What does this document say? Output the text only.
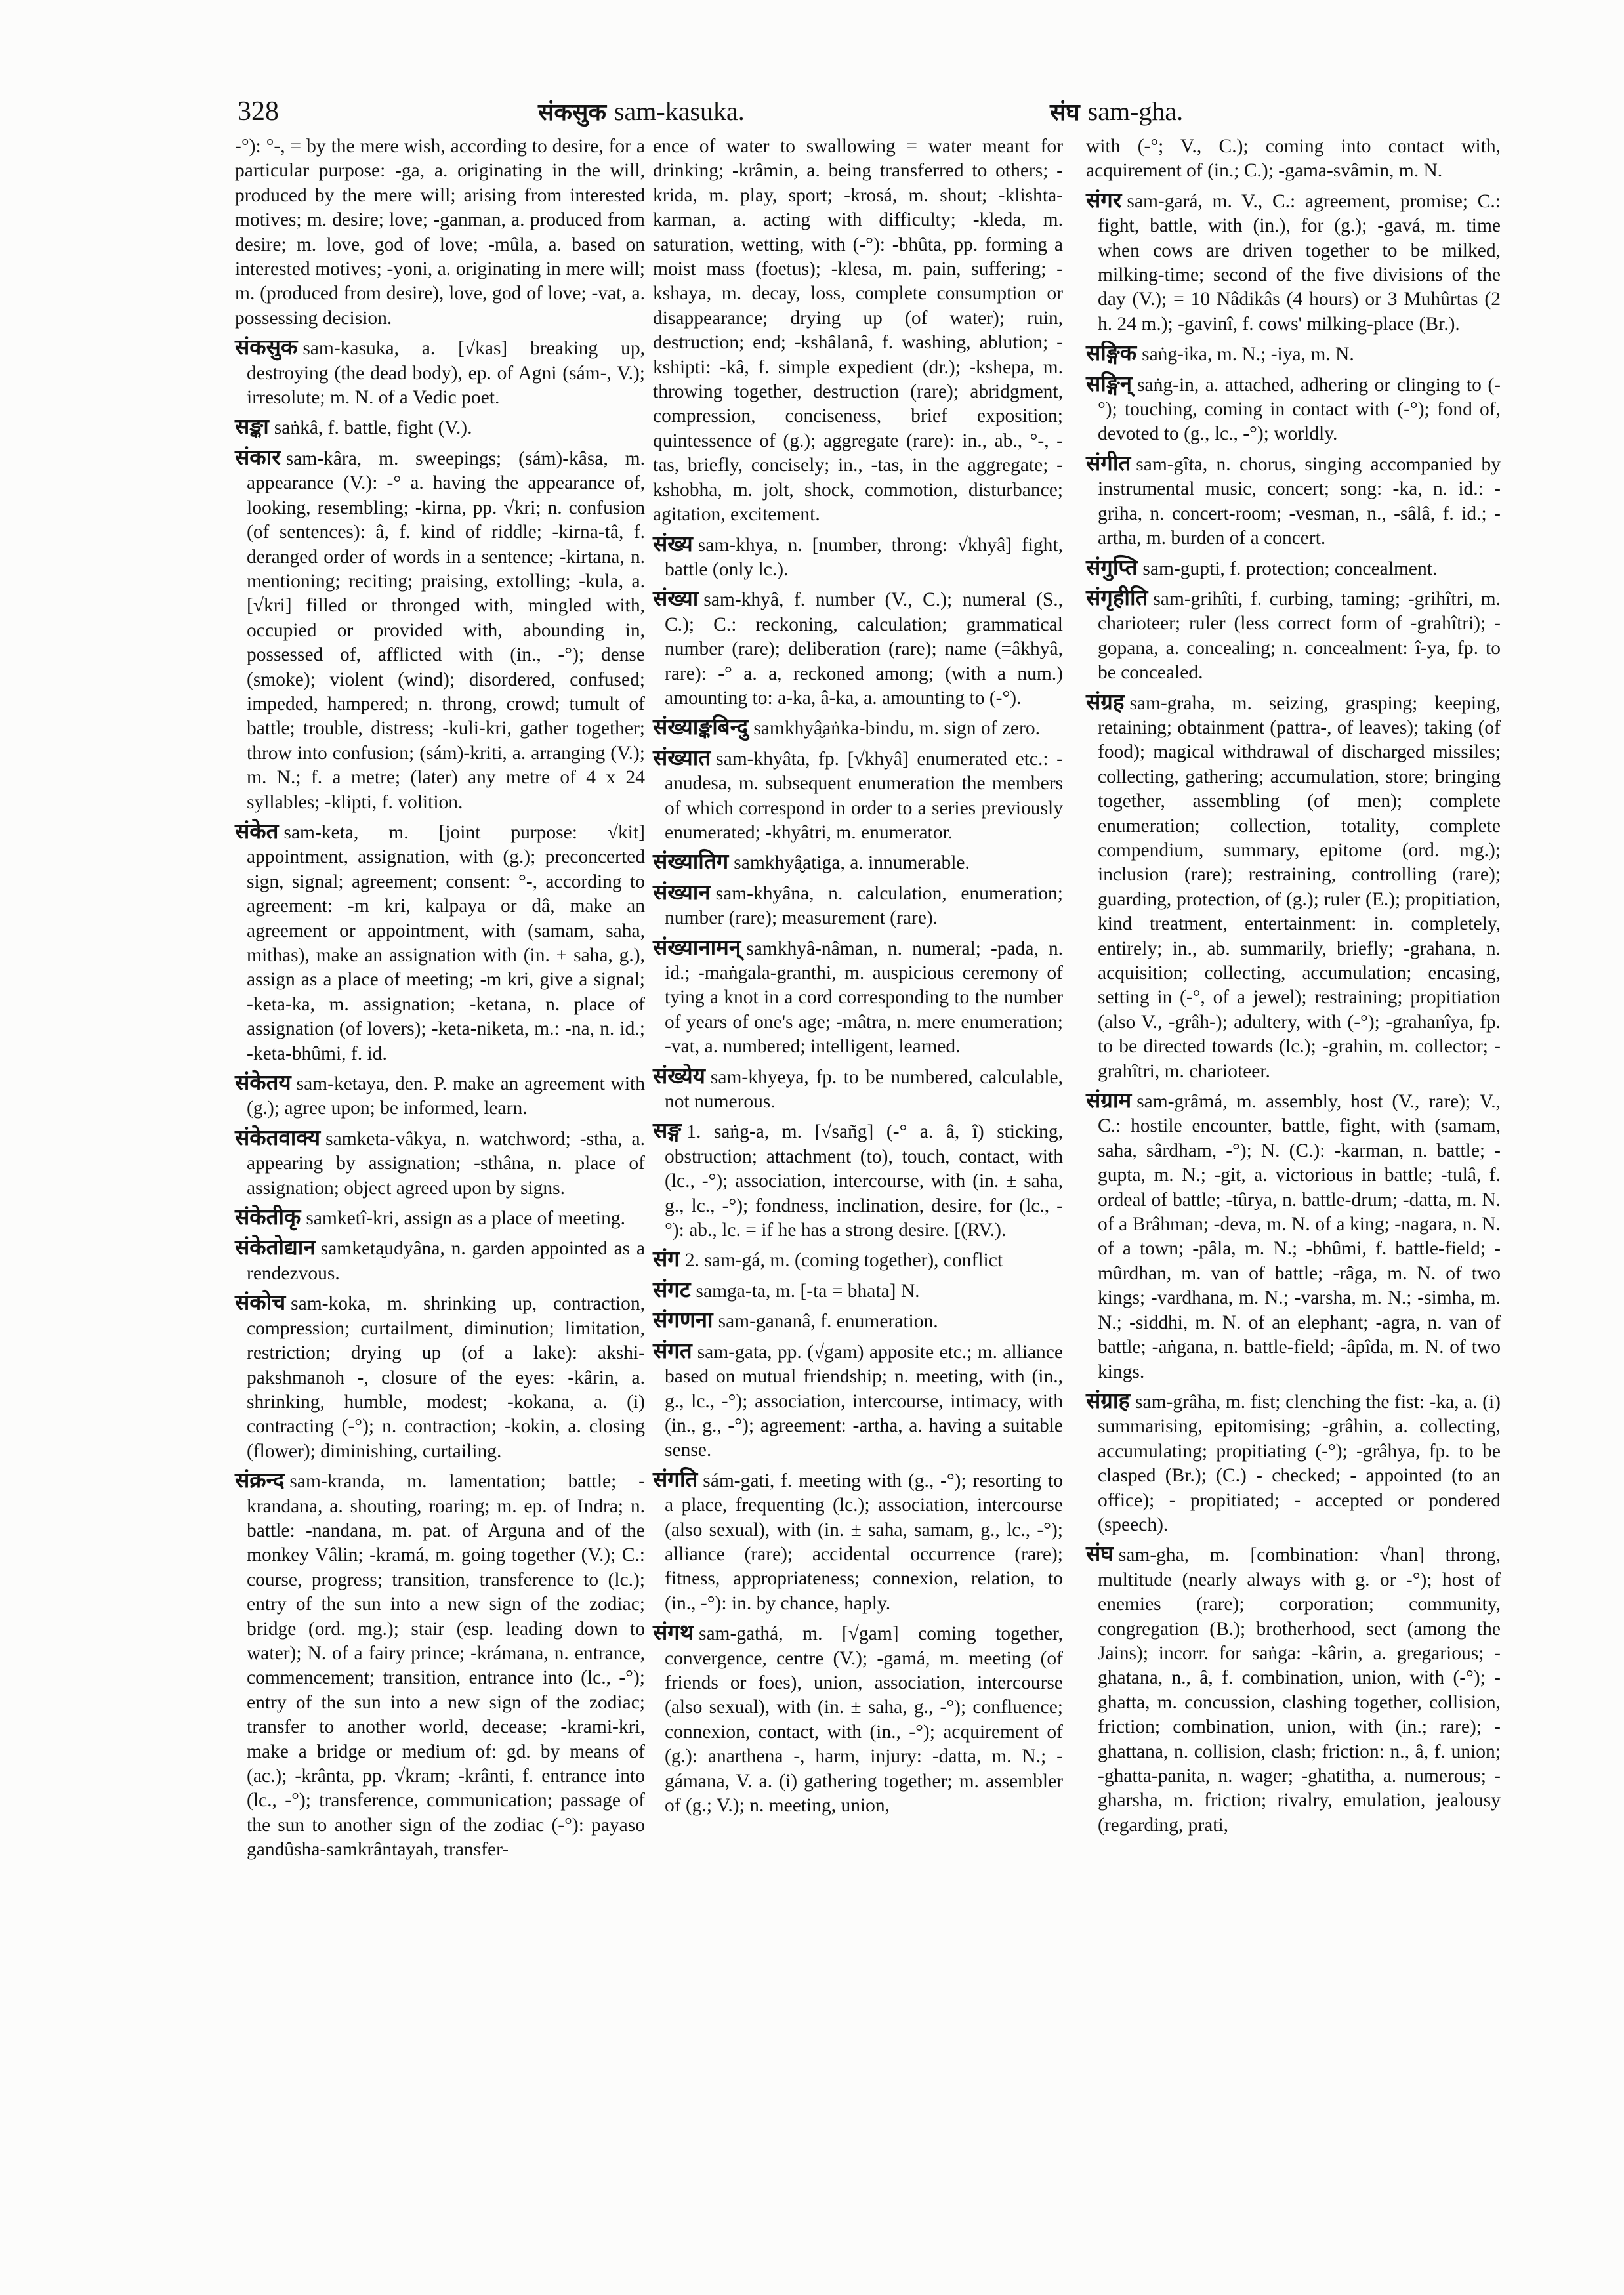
328	संकसुक sam-kasuka.	संघ sam-gha.
-°): °-, = by the mere wish, according to desire, for a particular purpose: -ga, a. originating in the will, produced by the mere will; arising from interested motives; m. desire; love; -ganman, a. produced from desire; m. love, god of love; -mûla, a. based on interested motives; -yoni, a. originating in mere will; m. (produced from desire), love, god of love; -vat, a. possessing decision.
संकसुक sam-kasuka, a. [√kas] breaking up, destroying (the dead body), ep. of Agni (sám-, V.); irresolute; m. N. of a Vedic poet.
सङ्का saṅkâ, f. battle, fight (V.).
संकार sam-kâra, m. sweepings; (sám)-kâsa, m. appearance (V.): -° a. having the appearance of, looking, resembling; -kirna, pp. √kri; n. confusion (of sentences): â, f. kind of riddle; -kirna-tâ, f. deranged order of words in a sentence; -kirtana, n. mentioning; reciting; praising, extolling; -kula, a. [√kri] filled or thronged with, mingled with, occupied or provided with, abounding in, possessed of, afflicted with (in., -°); dense (smoke); violent (wind); disordered, confused; impeded, hampered; n. throng, crowd; tumult of battle; trouble, distress; -kuli-kri, gather together; throw into confusion; (sám)-kriti, a. arranging (V.); m. N.; f. a metre; (later) any metre of 4 x 24 syllables; -klipti, f. volition.
संकेत sam-keta, m. [joint purpose: √kit] appointment, assignation, with (g.); preconcerted sign, signal; agreement; consent: °-, according to agreement: -m kri, kalpaya or dâ, make an agreement or appointment, with (samam, saha, mithas), make an assignation with (in. + saha, g.), assign as a place of meeting; -m kri, give a signal; -keta-ka, m. assignation; -ketana, n. place of assignation (of lovers); -keta-niketa, m.: -na, n. id.; -keta-bhûmi, f. id.
संकेतय sam-ketaya, den. P. make an agreement with (g.); agree upon; be informed, learn.
संकेतवाक्य samketa-vâkya, n. watchword; -stha, a. appearing by assignation; -sthâna, n. place of assignation; object agreed upon by signs.
संकेतीकृ samketî-kri, assign as a place of meeting.
संकेतोद्यान samketa̮udyâna, n. garden appointed as a rendezvous.
संकोच sam-koka, m. shrinking up, contraction, compression; curtailment, diminution; limitation, restriction; drying up (of a lake): akshi-pakshmanoh -, closure of the eyes: -kârin, a. shrinking, humble, modest; -kokana, a. (i) contracting (-°); n. contraction; -kokin, a. closing (flower); diminishing, curtailing.
संक्रन्द sam-kranda, m. lamentation; battle; -krandana, a. shouting, roaring; m. ep. of Indra; n. battle: -nandana, m. pat. of Arguna and of the monkey Vâlin; -kramá, m. going together (V.); C.: course, progress; transition, transference to (lc.); entry of the sun into a new sign of the zodiac; bridge (ord. mg.); stair (esp. leading down to water); N. of a fairy prince; -krámana, n. entrance, commencement; transition, entrance into (lc., -°); entry of the sun into a new sign of the zodiac; transfer to another world, decease; -krami-kri, make a bridge or medium of: gd. by means of (ac.); -krânta, pp. √kram; -krânti, f. entrance into (lc., -°); transference, communication; passage of the sun to another sign of the zodiac (-°): payaso gandûsha-samkrântayah, transfer-
ence of water to swallowing = water meant for drinking; -krâmin, a. being transferred to others; -krida, m. play, sport; -krosá, m. shout; -klishta-karman, a. acting with difficulty; -kleda, m. saturation, wetting, with (-°): -bhûta, pp. forming a moist mass (foetus); -klesa, m. pain, suffering; -kshaya, m. decay, loss, complete consumption or disappearance; drying up (of water); ruin, destruction; end; -kshâlanâ, f. washing, ablution; -kshipti: -kâ, f. simple expedient (dr.); -kshepa, m. throwing together, destruction (rare); abridgment, compression, conciseness, brief exposition; quintessence of (g.); aggregate (rare): in., ab., °-, -tas, briefly, concisely; in., -tas, in the aggregate; -kshobha, m. jolt, shock, commotion, disturbance; agitation, excitement.
संख्य sam-khya, n. [number, throng: √khyâ] fight, battle (only lc.).
संख्या sam-khyâ, f. number (V., C.); numeral (S., C.); C.: reckoning, calculation; grammatical number (rare); deliberation (rare); name (=âkhyâ, rare): -° a. a, reckoned among; (with a num.) amounting to: a-ka, â-ka, a. amounting to (-°).
संख्याङ्कबिन्दु samkhyâ̮aṅka-bindu, m. sign of zero.
संख्यात sam-khyâta, fp. [√khyâ] enumerated etc.: -anudesa, m. subsequent enumeration the members of which correspond in order to a series previously enumerated; -khyâtri, m. enumerator.
संख्यातिग samkhyâ̮atiga, a. innumerable.
संख्यान sam-khyâna, n. calculation, enumeration; number (rare); measurement (rare).
संख्यानामन् samkhyâ-nâman, n. numeral; -pada, n. id.; -maṅgala-granthi, m. auspicious ceremony of tying a knot in a cord corresponding to the number of years of one's age; -mâtra, n. mere enumeration; -vat, a. numbered; intelligent, learned.
संख्येय sam-khyeya, fp. to be numbered, calculable, not numerous.
सङ्ग 1. saṅg-a, m. [√sañg] (-° a. â, î) sticking, obstruction; attachment (to), touch, contact, with (lc., -°); association, intercourse, with (in. ± saha, g., lc., -°); fondness, inclination, desire, for (lc., -°): ab., lc. = if he has a strong desire. [(RV.).
संग 2. sam-gá, m. (coming together), conflict
संगट samga-ta, m. [-ta = bhata] N.
संगणना sam-gananâ, f. enumeration.
संगत sam-gata, pp. (√gam) apposite etc.; m. alliance based on mutual friendship; n. meeting, with (in., g., lc., -°); association, intercourse, intimacy, with (in., g., -°); agreement: -artha, a. having a suitable sense.
संगति sám-gati, f. meeting with (g., -°); resorting to a place, frequenting (lc.); association, intercourse (also sexual), with (in. ± saha, samam, g., lc., -°); alliance (rare); accidental occurrence (rare); fitness, appropriateness; connexion, relation, to (in., -°): in. by chance, haply.
संगथ sam-gathá, m. [√gam] coming together, convergence, centre (V.); -gamá, m. meeting (of friends or foes), union, association, intercourse (also sexual), with (in. ± saha, g., -°); confluence; connexion, contact, with (in., -°); acquirement of (g.): anarthena -, harm, injury: -datta, m. N.; -gámana, V. a. (i) gathering together; m. assembler of (g.; V.); n. meeting, union,
with (-°; V., C.); coming into contact with, acquirement of (in.; C.); -gama-svâmin, m. N.
संगर sam-gará, m. V., C.: agreement, promise; C.: fight, battle, with (in.), for (g.); -gavá, m. time when cows are driven together to be milked, milking-time; second of the five divisions of the day (V.); = 10 Nâdikâs (4 hours) or 3 Muhûrtas (2 h. 24 m.); -gavinî, f. cows' milking-place (Br.).
सङ्गिक saṅg-ika, m. N.; -iya, m. N.
सङ्गिन् saṅg-in, a. attached, adhering or clinging to (-°); touching, coming in contact with (-°); fond of, devoted to (g., lc., -°); worldly.
संगीत sam-gîta, n. chorus, singing accompanied by instrumental music, concert; song: -ka, n. id.: -griha, n. concert-room; -vesman, n., -sâlâ, f. id.; -artha, m. burden of a concert.
संगुप्ति sam-gupti, f. protection; concealment.
संगृहीति sam-grihîti, f. curbing, taming; -grihîtri, m. charioteer; ruler (less correct form of -grahîtri); -gopana, a. concealing; n. concealment: î-ya, fp. to be concealed.
संग्रह sam-graha, m. seizing, grasping; keeping, retaining; obtainment (pattra-, of leaves); taking (of food); magical withdrawal of discharged missiles; collecting, gathering; accumulation, store; bringing together, assembling (of men); complete enumeration; collection, totality, complete compendium, summary, epitome (ord. mg.); inclusion (rare); restraining, controlling (rare); guarding, protection, of (g.); ruler (E.); propitiation, kind treatment, entertainment: in. completely, entirely; in., ab. summarily, briefly; -grahana, n. acquisition; collecting, accumulation; encasing, setting in (-°, of a jewel); restraining; propitiation (also V., -grâh-); adultery, with (-°); -grahanîya, fp. to be directed towards (lc.); -grahin, m. collector; -grahîtri, m. charioteer.
संग्राम sam-grâmá, m. assembly, host (V., rare); V., C.: hostile encounter, battle, fight, with (samam, saha, sârdham, -°); N. (C.): -karman, n. battle; -gupta, m. N.; -git, a. victorious in battle; -tulâ, f. ordeal of battle; -tûrya, n. battle-drum; -datta, m. N. of a Brâhman; -deva, m. N. of a king; -nagara, n. N. of a town; -pâla, m. N.; -bhûmi, f. battle-field; -mûrdhan, m. van of battle; -râga, m. N. of two kings; -vardhana, m. N.; -varsha, m. N.; -simha, m. N.; -siddhi, m. N. of an elephant; -agra, n. van of battle; -aṅgana, n. battle-field; -âpîda, m. N. of two kings.
संग्राह sam-grâha, m. fist; clenching the fist: -ka, a. (i) summarising, epitomising; -grâhin, a. collecting, accumulating; propitiating (-°); -grâhya, fp. to be clasped (Br.); (C.) - checked; - appointed (to an office); - propitiated; - accepted or pondered (speech).
संघ sam-gha, m. [combination: √han] throng, multitude (nearly always with g. or -°); host of enemies (rare); corporation; community, congregation (B.); brotherhood, sect (among the Jains); incorr. for saṅga: -kârin, a. gregarious; -ghatana, n., â, f. combination, union, with (-°); -ghatta, m. concussion, clashing together, collision, friction; combination, union, with (in.; rare); -ghattana, n. collision, clash; friction: n., â, f. union; -ghatta-panita, n. wager; -ghatitha, a. numerous; -gharsha, m. friction; rivalry, emulation, jealousy (regarding, prati,
